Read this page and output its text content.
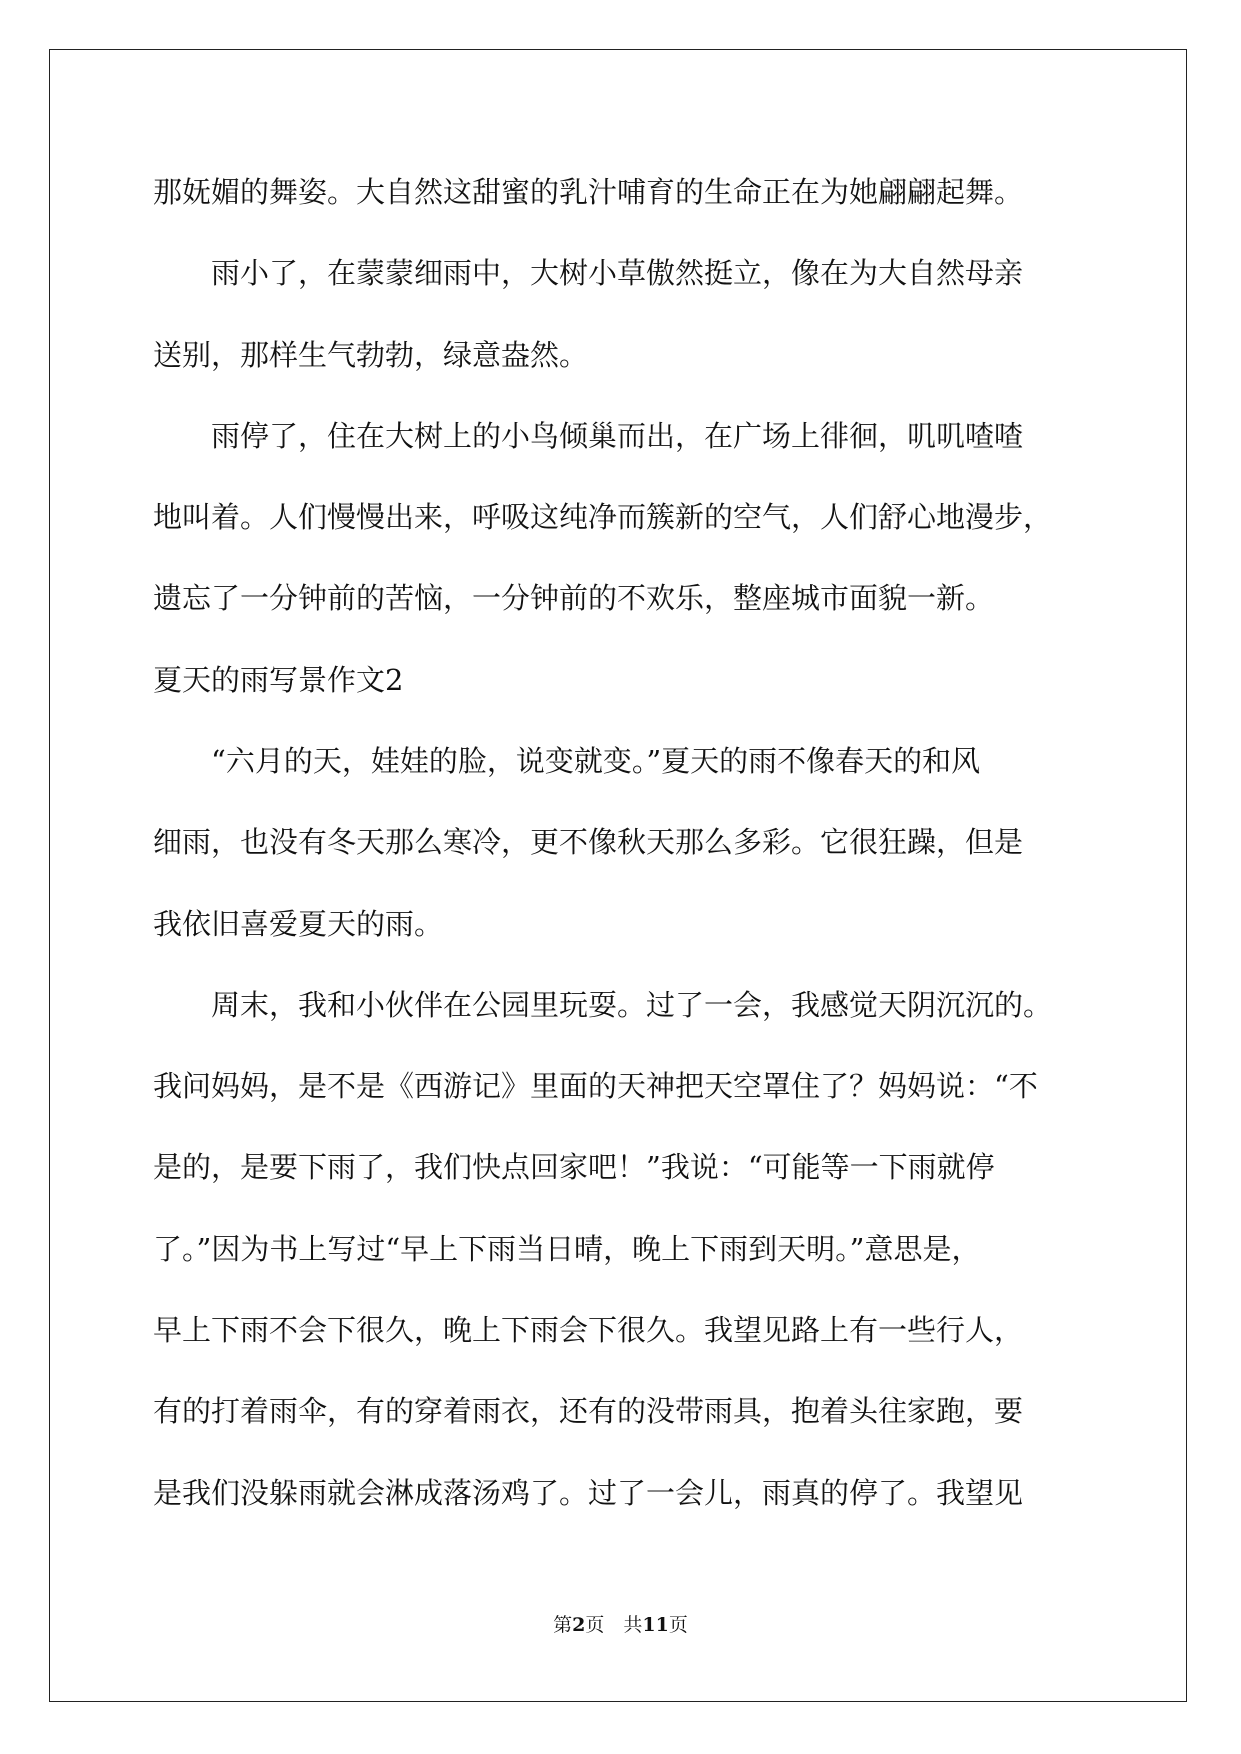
那妩媚的舞姿。大自然这甜蜜的乳汁哺育的生命正在为她翩翩起舞。
　　雨小了，在蒙蒙细雨中，大树小草傲然挺立，像在为大自然母亲
送别，那样生气勃勃，绿意盎然。
　　雨停了，住在大树上的小鸟倾巢而出，在广场上徘徊，叽叽喳喳
地叫着。人们慢慢出来，呼吸这纯净而簇新的空气，人们舒心地漫步，
遗忘了一分钟前的苦恼，一分钟前的不欢乐，整座城市面貌一新。
夏天的雨写景作文2
　　“六月的天，娃娃的脸，说变就变。”夏天的雨不像春天的和风
细雨，也没有冬天那么寒冷，更不像秋天那么多彩。它很狂躁，但是
我依旧喜爱夏天的雨。
　　周末，我和小伙伴在公园里玩耍。过了一会，我感觉天阴沉沉的。
我问妈妈，是不是《西游记》里面的天神把天空罩住了？妈妈说：“不
是的，是要下雨了，我们快点回家吧！”我说：“可能等一下雨就停
了。”因为书上写过“早上下雨当日晴，晚上下雨到天明。”意思是，
早上下雨不会下很久，晚上下雨会下很久。我望见路上有一些行人，
有的打着雨伞，有的穿着雨衣，还有的没带雨具，抱着头往家跑，要
是我们没躲雨就会淋成落汤鸡了。过了一会儿，雨真的停了。我望见
第2页　共11页
